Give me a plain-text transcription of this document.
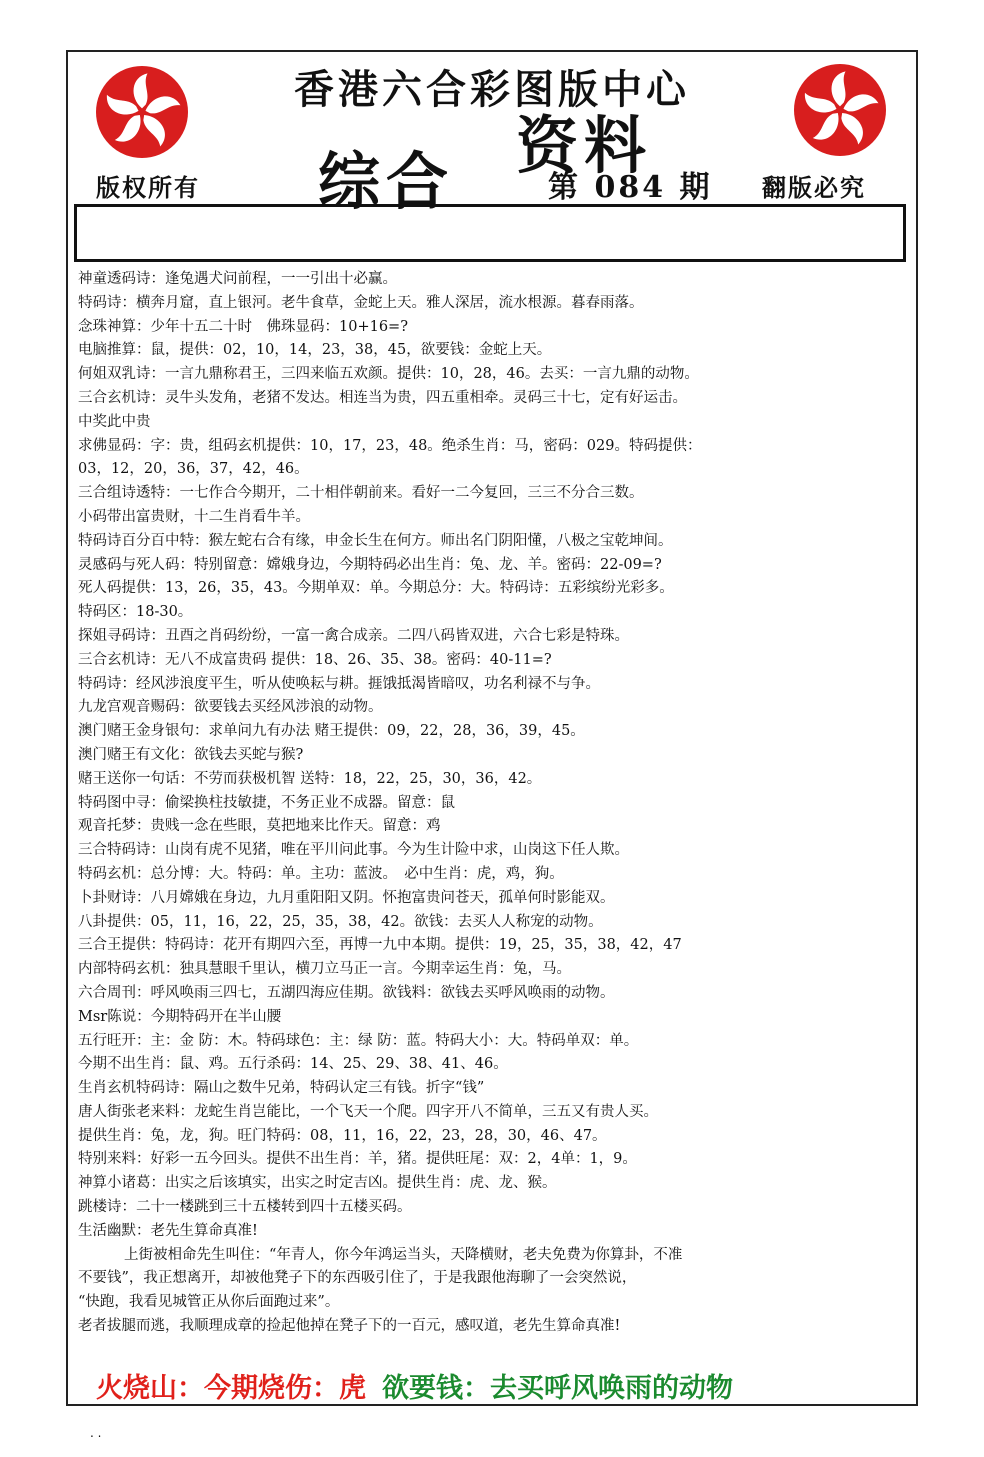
香港六合彩图版中心
版权所有	翻版必究
综合 资料
第 084 期
神童透码诗：逢兔遇犬问前程，一一引出十必赢。
特码诗：横奔月窟，直上银河。老牛食草，金蛇上天。雅人深居，流水根源。暮春雨落。
念珠神算：少年十五二十时　佛珠显码：10+16=?
电脑推算：鼠，提供：02，10，14，23，38，45，欲要钱：金蛇上天。
何姐双乳诗：一言九鼎称君王，三四来临五欢颜。提供：10，28，46。去买：一言九鼎的动物。
三合玄机诗：灵牛头发角，老猪不发达。相连当为贵，四五重相牵。灵码三十七，定有好运击。
中奖此中贵
求佛显码：字：贵，组码玄机提供：10，17，23，48。绝杀生肖：马，密码：029。特码提供：
03，12，20，36，37，42，46。
三合组诗透特：一七作合今期开，二十相伴朝前来。看好一二今复回，三三不分合三数。
小码带出富贵财，十二生肖看牛羊。
特码诗百分百中特：猴左蛇右合有缘，申金长生在何方。师出名门阴阳懂，八极之宝乾坤间。
灵感码与死人码：特别留意：嫦娥身边，今期特码必出生肖：兔、龙、羊。密码：22-09=?
死人码提供：13，26，35，43。今期单双：单。今期总分：大。特码诗：五彩缤纷光彩多。
特码区：18-30。
探姐寻码诗：丑酉之肖码纷纷，一富一禽合成亲。二四八码皆双进，六合七彩是特珠。
三合玄机诗：无八不成富贵码 提供：18、26、35、38。密码：40-11=?
特码诗：经风涉浪度平生，听从使唤耘与耕。捱饿抵渴皆暗叹，功名利禄不与争。
九龙宫观音赐码：欲要钱去买经风涉浪的动物。
澳门赌王金身银句：求单问九有办法 赌王提供：09，22，28，36，39，45。
澳门赌王有文化：欲钱去买蛇与猴?
赌王送你一句话：不劳而获极机智 送特：18，22，25，30，36，42。
特码图中寻：偷梁换柱技敏捷，不务正业不成器。留意：鼠
观音托梦：贵贱一念在些眼，莫把地来比作天。留意：鸡
三合特码诗：山岗有虎不见猪，唯在平川问此事。今为生计险中求，山岗这下任人欺。
特码玄机：总分博：大。特码：单。主功：蓝波。　必中生肖：虎，鸡，狗。
卜卦财诗：八月嫦娥在身边，九月重阳阳又阴。怀抱富贵问苍天，孤单何时影能双。
八卦提供：05，11，16，22，25，35，38，42。欲钱：去买人人称宠的动物。
三合王提供：特码诗：花开有期四六至，再博一九中本期。提供：19，25，35，38，42，47
内部特码玄机：独具慧眼千里认，横刀立马正一言。今期幸运生肖：兔，马。
六合周刊：呼风唤雨三四七，五湖四海应佳期。欲钱料：欲钱去买呼风唤雨的动物。
Msr陈说：今期特码开在半山腰
五行旺开：主：金 防：木。特码球色：主：绿 防：蓝。特码大小：大。特码单双：单。
今期不出生肖：鼠、鸡。五行杀码：14、25、29、38、41、46。
生肖玄机特码诗：隔山之数牛兄弟，特码认定三有钱。折字“钱”
唐人街张老来料：龙蛇生肖岂能比，一个飞天一个爬。四字开八不简单，三五又有贵人买。
提供生肖：兔，龙，狗。旺门特码：08，11，16，22，23，28，30，46、47。
特别来料：好彩一五今回头。提供不出生肖：羊，猪。提供旺尾：双：2，4单：1，9。
神算小诸葛：出实之后该填实，出实之时定吉凶。提供生肖：虎、龙、猴。
跳楼诗：二十一楼跳到三十五楼转到四十五楼买码。
生活幽默：老先生算命真准!
上街被相命先生叫住：“年青人，你今年鸿运当头，天降横财，老夫免费为你算卦，不准
不要钱”，我正想离开，却被他凳子下的东西吸引住了，于是我跟他海聊了一会突然说，
“快跑，我看见城管正从你后面跑过来”。
老者拔腿而逃，我顺理成章的捡起他掉在凳子下的一百元，感叹道，老先生算命真准!
火烧山：今期烧伤：虎 欲要钱：去买呼风唤雨的动物
. .
